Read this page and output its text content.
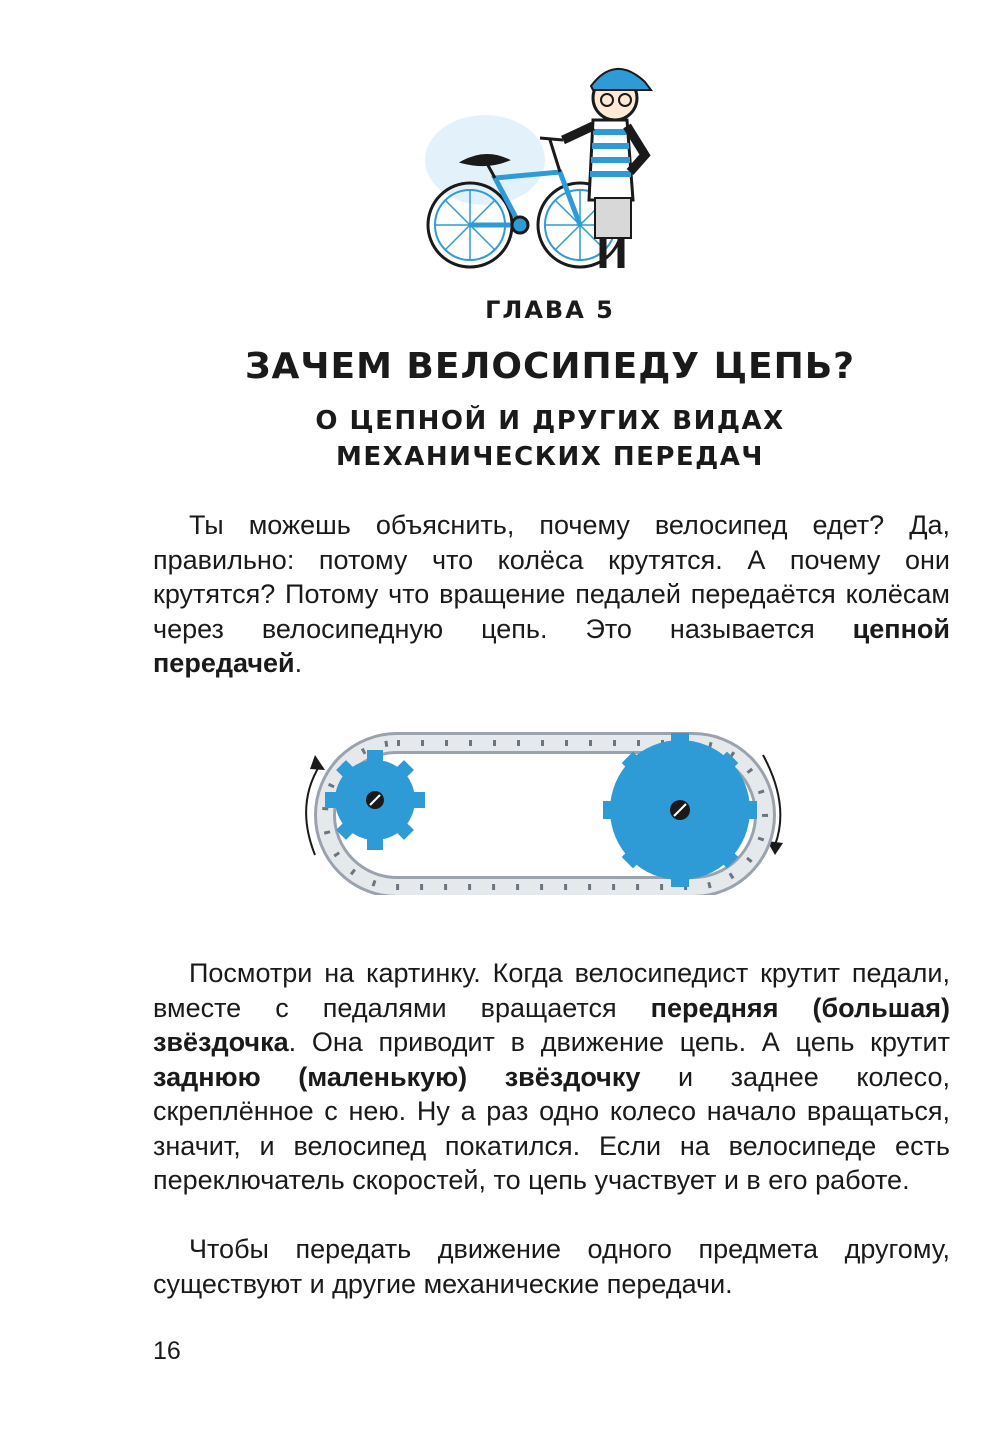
ГЛАВА 5
ЗАЧЕМ ВЕЛОСИПЕДУ ЦЕПЬ?
О ЦЕПНОЙ И ДРУГИХ ВИДАХ
МЕХАНИЧЕСКИХ ПЕРЕДАЧ

Ты можешь объяснить, почему велосипед едет? Да, правильно: потому что колёса крутятся. А почему они крутятся? Потому что вращение педалей передаётся колёсам через велосипедную цепь. Это называется цепной передачей.

Посмотри на картинку. Когда велосипедист крутит педали, вместе с педалями вращается передняя (большая) звёздочка. Она приводит в движение цепь. А цепь крутит заднюю (маленькую) звёздочку и заднее колесо, скреплённое с нею. Ну а раз одно колесо начало вращаться, значит, и велосипед покатился. Если на велосипеде есть переключатель скоростей, то цепь участвует и в его работе.

Чтобы передать движение одного предмета другому, существуют и другие механические передачи.

16
